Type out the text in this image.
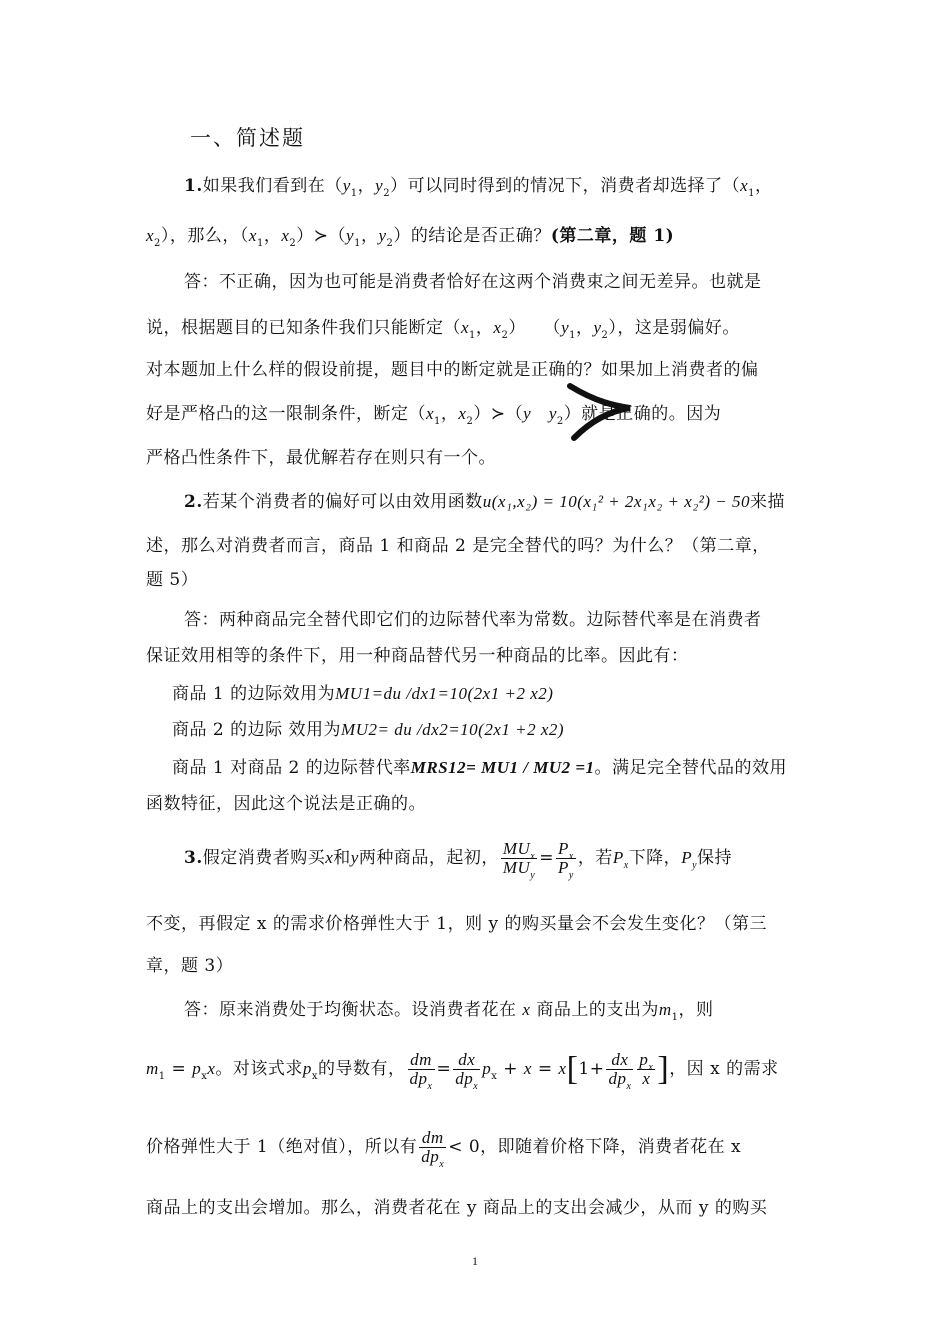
一、简述题
1.如果我们看到在（$y_1$，$y_2$）可以同时得到的情况下，消费者却选择了（$x_1$，
$x_2$），那么，（$x_1$，$x_2)≻(y_1$，$y_2$）的结论是否正确？(第二章，题 1)
答：不正确，因为也可能是消费者恰好在这两个消费束之间无差异。也就是
说，根据题目的已知条件我们只能断定（$x_1$，$x_2$）   （$y_1$，$y_2$），这是弱偏好。
对本题加上什么样的假设前提，题目中的断定就是正确的？如果加上消费者的偏
好是严格凸的这一限制条件，断定（$x_1$，$x_2)≻(y$ $y_2$）就是正确的。因为
严格凸性条件下，最优解若存在则只有一个。
2.若某个消费者的偏好可以由效用函数u(x₁,x₂) = 10(x₁² + 2x₁x₂ + x₂²) − 50来描
述，那么对消费者而言，商品 1 和商品 2 是完全替代的吗？为什么？（第二章，
题 5）
答：两种商品完全替代即它们的边际替代率为常数。边际替代率是在消费者
保证效用相等的条件下，用一种商品替代另一种商品的比率。因此有：
商品 1 的边际效用为MU1=du /dx1=10(2x1 +2 x2)
商品 2 的边际 效用为MU2= du /dx2=10(2x1 +2 x2)
商品 1 对商品 2 的边际替代率MRS12= MU1 / MU2 =1。满足完全替代品的效用
函数特征，因此这个说法是正确的。
3.假定消费者购买x和y两种商品，起初， $\frac{MU_x}{MU_y} = \frac{P_x}{P_y}$ ，若$P_x$下降，$P_y$保持
不变，再假定 x 的需求价格弹性大于 1，则 y 的购买量会不会发生变化？（第三
章，题 3）
答：原来消费处于均衡状态。设消费者花在 x 商品上的支出为$m_1$，则
$m_1 = p_xx$。对该式求$p_x$的导数有， $\frac{dm}{dp_x} = \frac{dx}{dp_x} p_x + x = x[1+ \frac{dx}{dp_x} \frac{p_x}{x}$ ]，因 x 的需求
价格弹性大于 1（绝对值），所以有 $\frac{dm}{dp_x} < 0$，即随着价格下降，消费者花在 x
商品上的支出会增加。那么，消费者花在 y 商品上的支出会减少，从而 y 的购买
1
